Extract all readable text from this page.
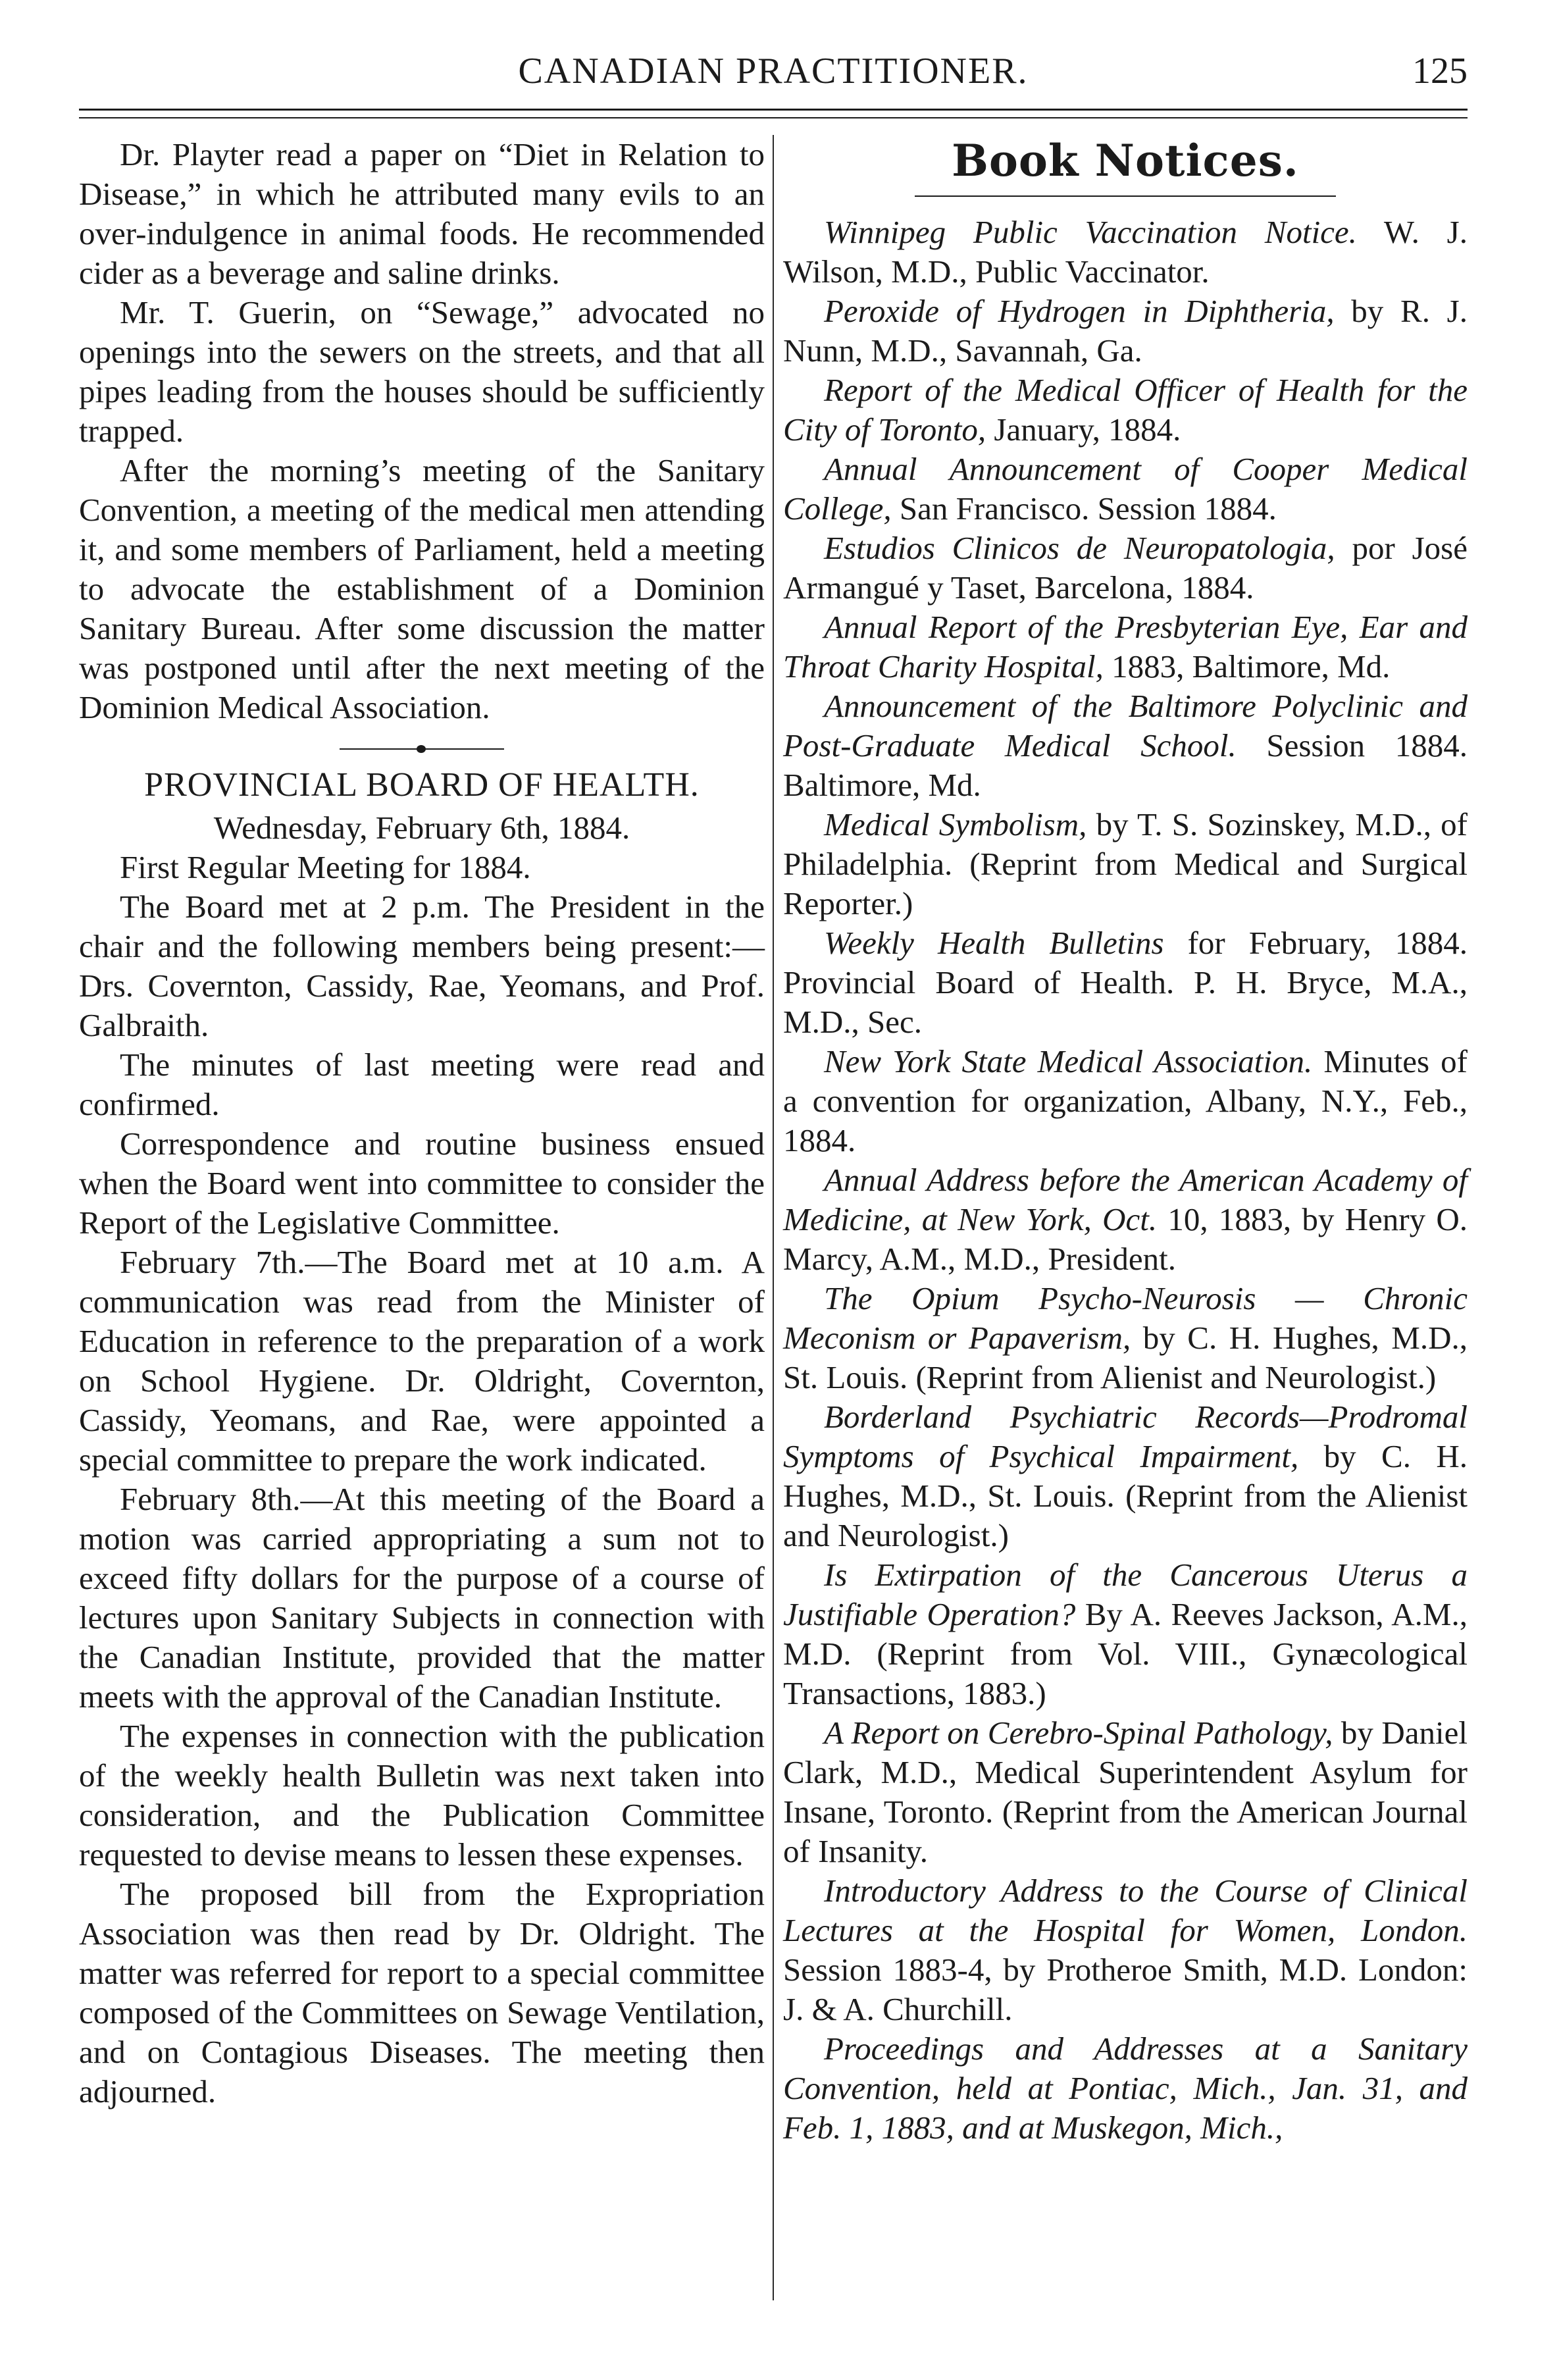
CANADIAN PRACTITIONER.	125

Dr. Playter read a paper on “Diet in Relation to Disease,” in which he attributed many evils to an over-indulgence in animal foods. He recommended cider as a beverage and saline drinks.

Mr. T. Guerin, on “Sewage,” advocated no openings into the sewers on the streets, and that all pipes leading from the houses should be sufficiently trapped.

After the morning’s meeting of the Sanitary Convention, a meeting of the medical men attending it, and some members of Parliament, held a meeting to advocate the establishment of a Dominion Sanitary Bureau. After some discussion the matter was postponed until after the next meeting of the Dominion Medical Association.

PROVINCIAL BOARD OF HEALTH.

Wednesday, February 6th, 1884.

First Regular Meeting for 1884.

The Board met at 2 p.m. The President in the chair and the following members being present:—Drs. Covernton, Cassidy, Rae, Yeomans, and Prof. Galbraith.

The minutes of last meeting were read and confirmed.

Correspondence and routine business ensued when the Board went into committee to consider the Report of the Legislative Committee.

February 7th.—The Board met at 10 a.m. A communication was read from the Minister of Education in reference to the preparation of a work on School Hygiene. Dr. Oldright, Covernton, Cassidy, Yeomans, and Rae, were appointed a special committee to prepare the work indicated.

February 8th.—At this meeting of the Board a motion was carried appropriating a sum not to exceed fifty dollars for the purpose of a course of lectures upon Sanitary Subjects in connection with the Canadian Institute, provided that the matter meets with the approval of the Canadian Institute.

The expenses in connection with the publication of the weekly health Bulletin was next taken into consideration, and the Publication Committee requested to devise means to lessen these expenses.

The proposed bill from the Expropriation Association was then read by Dr. Oldright. The matter was referred for report to a special committee composed of the Committees on Sewage Ventilation, and on Contagious Diseases. The meeting then adjourned.

Book Notices.

Winnipeg Public Vaccination Notice. W. J. Wilson, M.D., Public Vaccinator.

Peroxide of Hydrogen in Diphtheria, by R. J. Nunn, M.D., Savannah, Ga.

Report of the Medical Officer of Health for the City of Toronto, January, 1884.

Annual Announcement of Cooper Medical College, San Francisco. Session 1884.

Estudios Clinicos de Neuropatologia, por José Armangué y Taset, Barcelona, 1884.

Annual Report of the Presbyterian Eye, Ear and Throat Charity Hospital, 1883, Baltimore, Md.

Announcement of the Baltimore Polyclinic and Post-Graduate Medical School. Session 1884. Baltimore, Md.

Medical Symbolism, by T. S. Sozinskey, M.D., of Philadelphia. (Reprint from Medical and Surgical Reporter.)

Weekly Health Bulletins for February, 1884. Provincial Board of Health. P. H. Bryce, M.A., M.D., Sec.

New York State Medical Association. Minutes of a convention for organization, Albany, N.Y., Feb., 1884.

Annual Address before the American Academy of Medicine, at New York, Oct. 10, 1883, by Henry O. Marcy, A.M., M.D., President.

The Opium Psycho-Neurosis — Chronic Meconism or Papaverism, by C. H. Hughes, M.D., St. Louis. (Reprint from Alienist and Neurologist.)

Borderland Psychiatric Records—Prodromal Symptoms of Psychical Impairment, by C. H. Hughes, M.D., St. Louis. (Reprint from the Alienist and Neurologist.)

Is Extirpation of the Cancerous Uterus a Justifiable Operation? By A. Reeves Jackson, A.M., M.D. (Reprint from Vol. VIII., Gynæcological Transactions, 1883.)

A Report on Cerebro-Spinal Pathology, by Daniel Clark, M.D., Medical Superintendent Asylum for Insane, Toronto. (Reprint from the American Journal of Insanity.

Introductory Address to the Course of Clinical Lectures at the Hospital for Women, London. Session 1883-4, by Protheroe Smith, M.D. London: J. & A. Churchill.

Proceedings and Addresses at a Sanitary Convention, held at Pontiac, Mich., Jan. 31, and Feb. 1, 1883, and at Muskegon, Mich.,
